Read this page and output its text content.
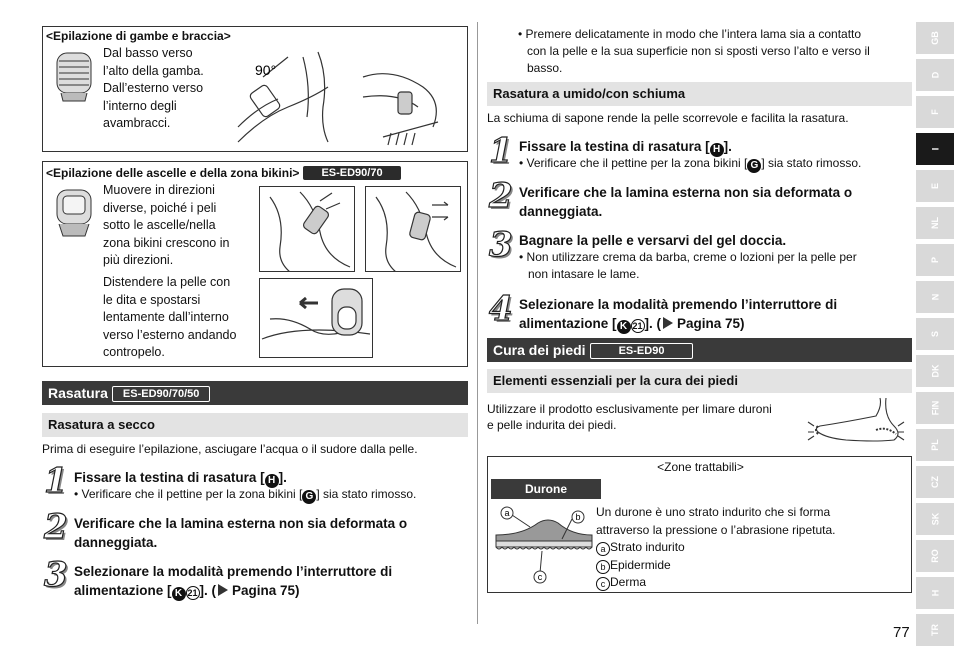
<Epilazione di gambe e braccia>
Dal basso verso
l’alto della gamba.
Dall’esterno verso
l’interno degli
avambracci.
90°
<Epilazione delle ascelle e della zona bikini> ES-ED90/70
Muovere in direzioni
diverse, poiché i peli
sotto le ascelle/nella
zona bikini crescono in
più direzioni.
Distendere la pelle con
le dita e spostarsi
lentamente dall’interno
verso l’esterno andando
contropelo.
Rasatura ES-ED90/70/50
Rasatura a secco
Prima di eseguire l’epilazione, asciugare l’acqua o il sudore dalla pelle.
1 Fissare la testina di rasatura [ H ].
• Verificare che il pettine per la zona bikini [ G ] sia stato rimosso.
2 Verificare che la lamina esterna non sia deformata o
danneggiata.
3 Selezionare la modalità premendo l’interruttore di
alimentazione [ K 21 ]. ( Pagina 75)
• Premere delicatamente in modo che l’intera lama sia a contatto
con la pelle e la sua superficie non si sposti verso l’alto e verso il
basso.
Rasatura a umido/con schiuma
La schiuma di sapone rende la pelle scorrevole e facilita la rasatura.
1 Fissare la testina di rasatura [ H ].
• Verificare che il pettine per la zona bikini [ G ] sia stato rimosso.
2 Verificare che la lamina esterna non sia deformata o
danneggiata.
3 Bagnare la pelle e versarvi del gel doccia.
• Non utilizzare crema da barba, creme o lozioni per la pelle per
non intasare le lame.
4 Selezionare la modalità premendo l’interruttore di
alimentazione [ K 21 ]. ( Pagina 75)
Cura dei piedi	ES-ED90
Elementi essenziali per la cura dei piedi
Utilizzare il prodotto esclusivamente per limare duroni
e pelle indurita dei piedi.
<Zone trattabili>
Durone
a	b
c
Un durone è uno strato indurito che si forma
attraverso la pressione o l’abrasione ripetuta.
a Strato indurito
b Epidermide
c Derma
GB
D
F
I
E
NL
P
N
S
DK
FIN
PL
CZ
SK
RO
H
TR
77
